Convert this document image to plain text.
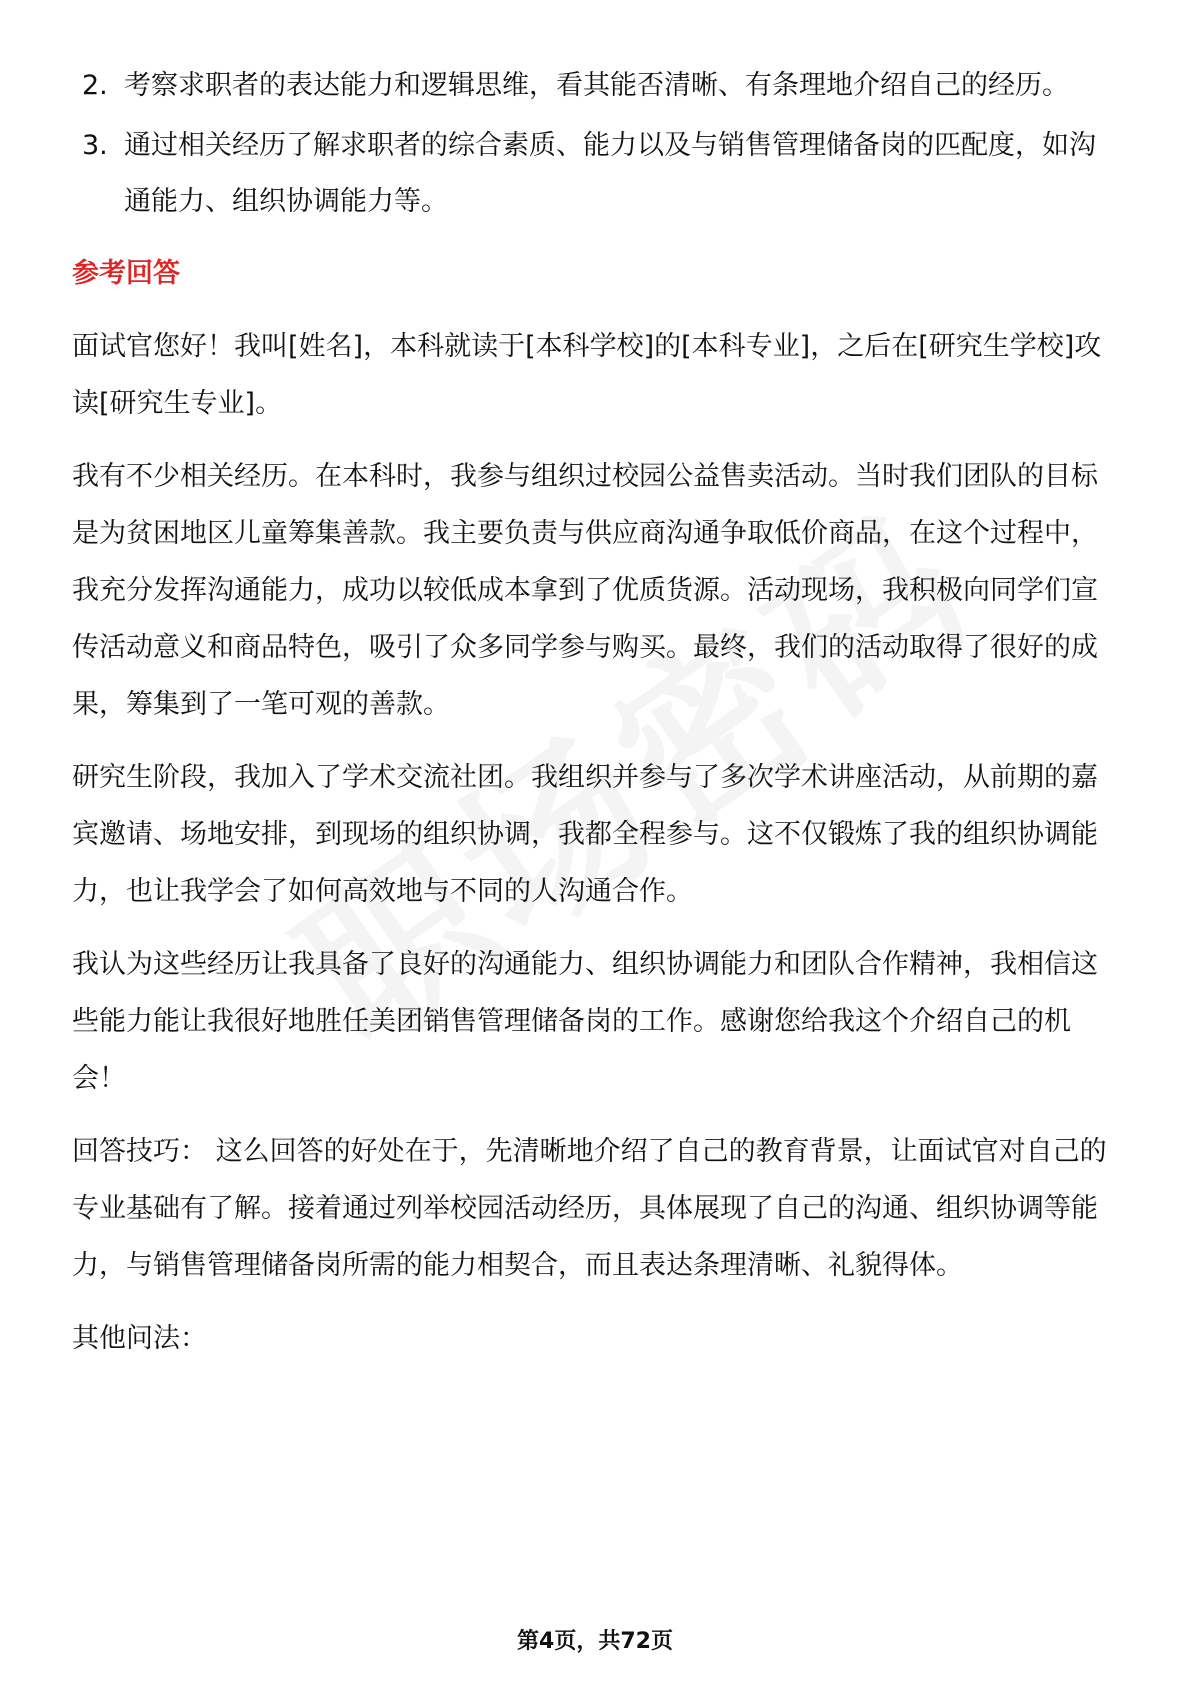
2. 考察求职者的表达能力和逻辑思维，看其能否清晰、有条理地介绍自己的经历。
3. 通过相关经历了解求职者的综合素质、能力以及与销售管理储备岗的匹配度，如沟通能力、组织协调能力等。
参考回答
面试官您好！我叫[姓名]，本科就读于[本科学校]的[本科专业]，之后在[研究生学校]攻读[研究生专业]。
我有不少相关经历。在本科时，我参与组织过校园公益售卖活动。当时我们团队的目标是为贫困地区儿童筹集善款。我主要负责与供应商沟通争取低价商品，在这个过程中，我充分发挥沟通能力，成功以较低成本拿到了优质货源。活动现场，我积极向同学们宣传活动意义和商品特色，吸引了众多同学参与购买。最终，我们的活动取得了很好的成果，筹集到了一笔可观的善款。
研究生阶段，我加入了学术交流社团。我组织并参与了多次学术讲座活动，从前期的嘉宾邀请、场地安排，到现场的组织协调，我都全程参与。这不仅锻炼了我的组织协调能力，也让我学会了如何高效地与不同的人沟通合作。
我认为这些经历让我具备了良好的沟通能力、组织协调能力和团队合作精神，我相信这些能力能让我很好地胜任美团销售管理储备岗的工作。感谢您给我这个介绍自己的机会！
回答技巧： 这么回答的好处在于，先清晰地介绍了自己的教育背景，让面试官对自己的专业基础有了解。接着通过列举校园活动经历，具体展现了自己的沟通、组织协调等能力，与销售管理储备岗所需的能力相契合，而且表达条理清晰、礼貌得体。
其他问法：
第4页，共72页
